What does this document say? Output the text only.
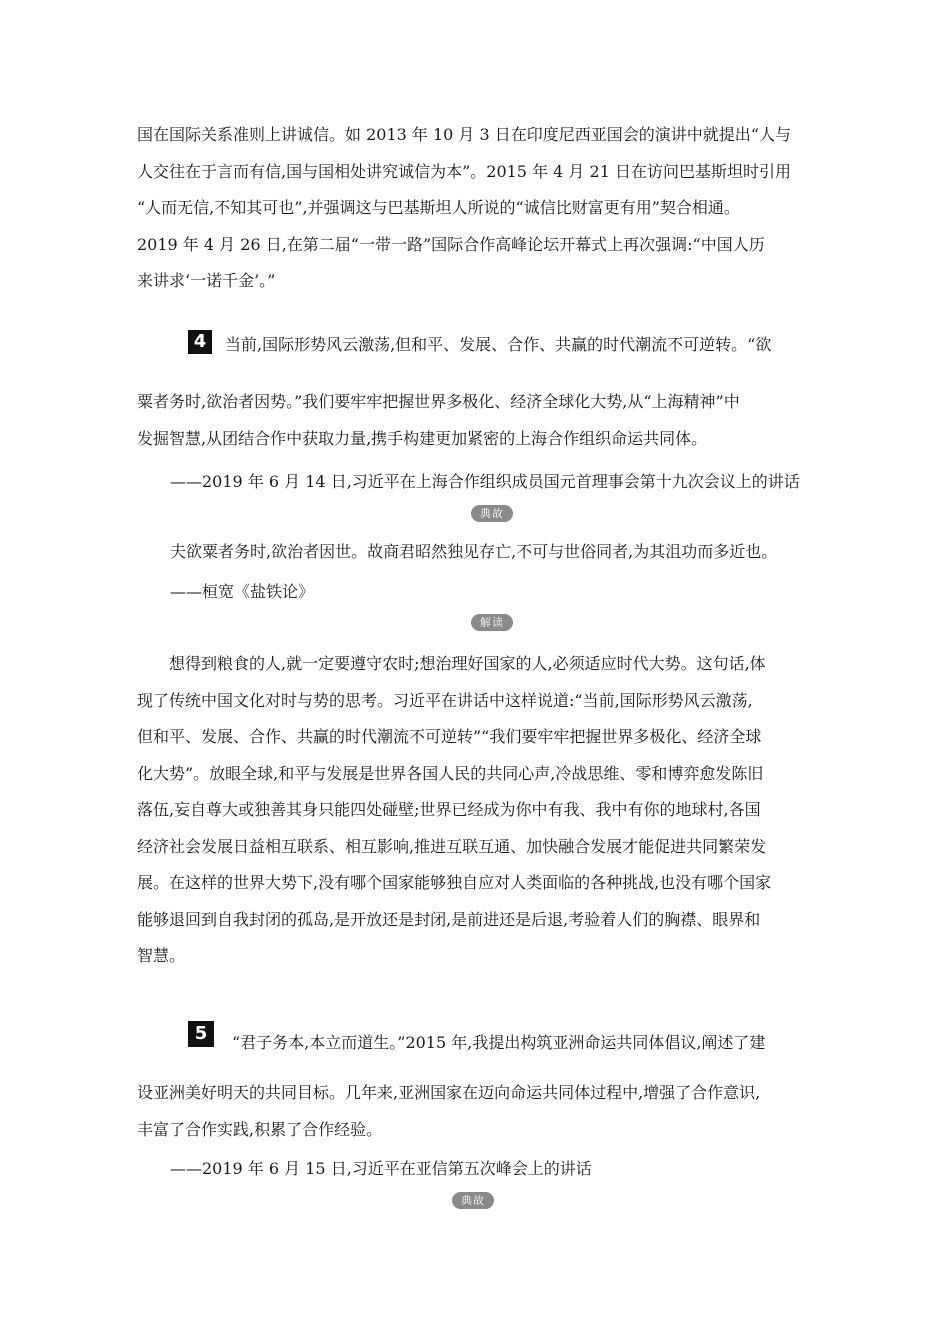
国在国际关系准则上讲诚信。如 2013 年 10 月 3 日在印度尼西亚国会的演讲中就提出“人与
人交往在于言而有信,国与国相处讲究诚信为本”。2015 年 4 月 21 日在访问巴基斯坦时引用
“人而无信,不知其可也”,并强调这与巴基斯坦人所说的“诚信比财富更有用”契合相通。
2019 年 4 月 26 日,在第二届“一带一路”国际合作高峰论坛开幕式上再次强调:“中国人历
来讲求‘一诺千金’。”
4	当前,国际形势风云激荡,但和平、发展、合作、共赢的时代潮流不可逆转。“欲
粟者务时,欲治者因势。”我们要牢牢把握世界多极化、经济全球化大势,从“上海精神”中
发掘智慧,从团结合作中获取力量,携手构建更加紧密的上海合作组织命运共同体。
——2019 年 6 月 14 日,习近平在上海合作组织成员国元首理事会第十九次会议上的讲话
典故
夫欲粟者务时,欲治者因世。故商君昭然独见存亡,不可与世俗同者,为其沮功而多近也。
——桓宽《盐铁论》
解读
想得到粮食的人,就一定要遵守农时;想治理好国家的人,必须适应时代大势。这句话,体
现了传统中国文化对时与势的思考。习近平在讲话中这样说道:“当前,国际形势风云激荡,
但和平、发展、合作、共赢的时代潮流不可逆转”“我们要牢牢把握世界多极化、经济全球
化大势”。放眼全球,和平与发展是世界各国人民的共同心声,冷战思维、零和博弈愈发陈旧
落伍,妄自尊大或独善其身只能四处碰壁;世界已经成为你中有我、我中有你的地球村,各国
经济社会发展日益相互联系、相互影响,推进互联互通、加快融合发展才能促进共同繁荣发
展。在这样的世界大势下,没有哪个国家能够独自应对人类面临的各种挑战,也没有哪个国家
能够退回到自我封闭的孤岛,是开放还是封闭,是前进还是后退,考验着人们的胸襟、眼界和
智慧。
5	“君子务本,本立而道生。”2015 年,我提出构筑亚洲命运共同体倡议,阐述了建
设亚洲美好明天的共同目标。几年来,亚洲国家在迈向命运共同体过程中,增强了合作意识,
丰富了合作实践,积累了合作经验。
——2019 年 6 月 15 日,习近平在亚信第五次峰会上的讲话
典故
